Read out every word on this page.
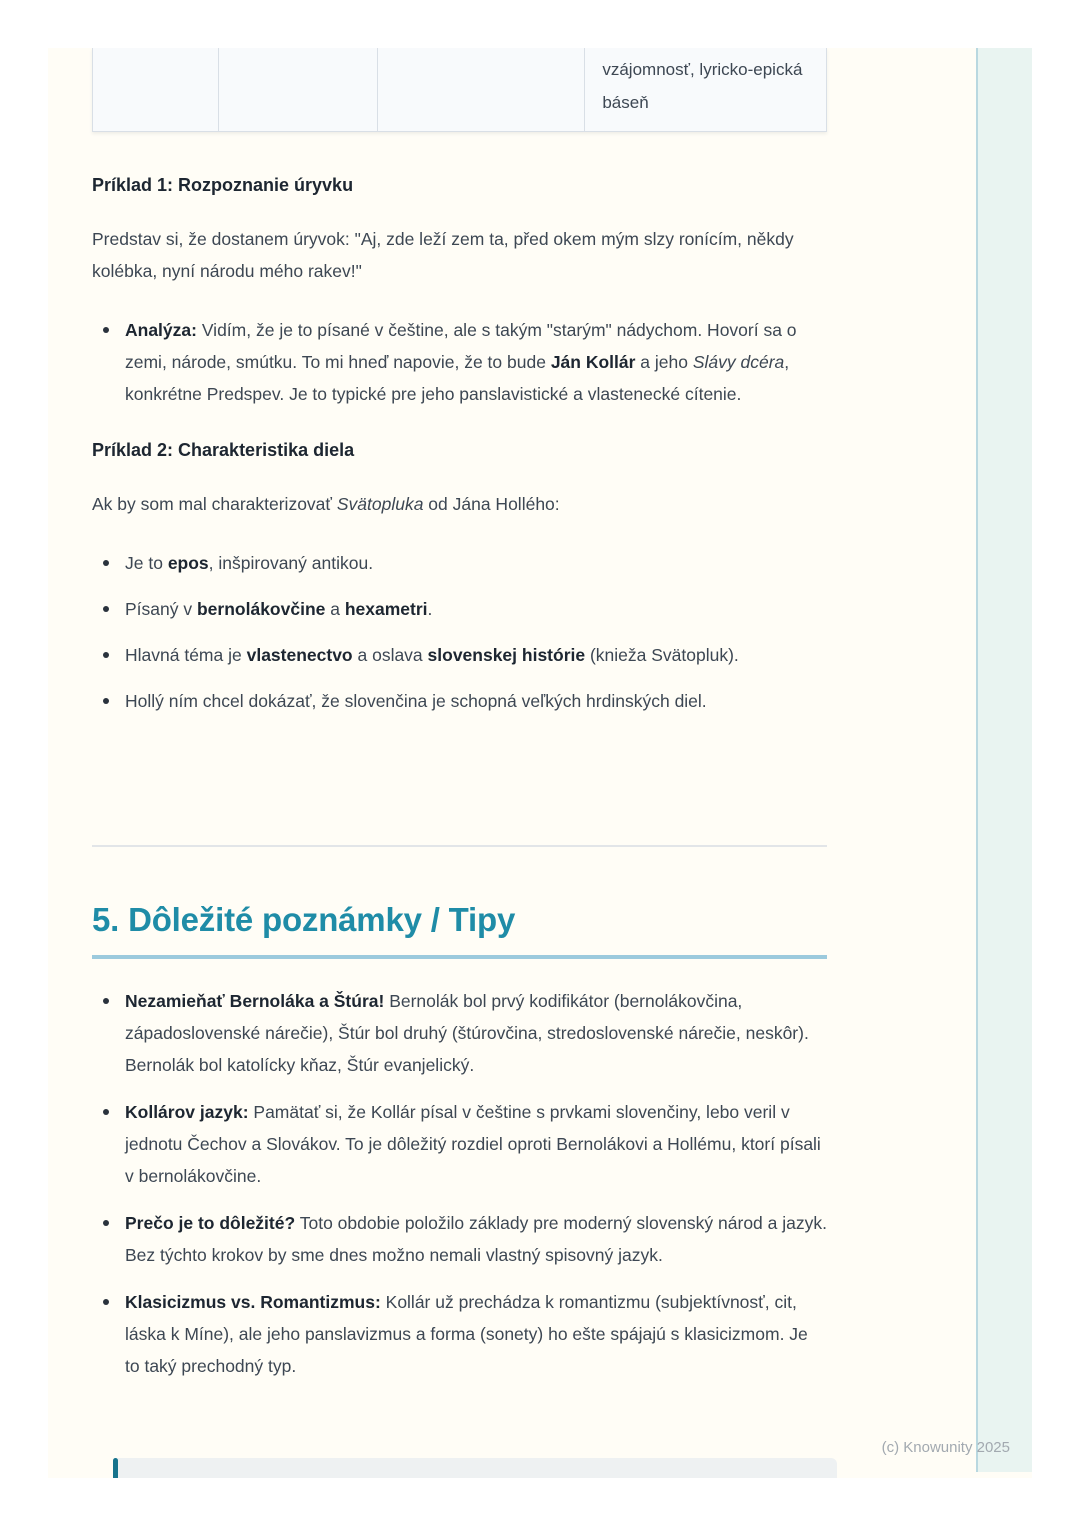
vzájomnosť, lyricko-epická báseň
Príklad 1: Rozpoznanie úryvku

Predstav si, že dostanem úryvok: "Aj, zde leží zem ta, před okem mým slzy ronícím, někdy kolébka, nyní národu mého rakev!"

Analýza: Vidím, že je to písané v češtine, ale s takým "starým" nádychom. Hovorí sa o zemi, národe, smútku. To mi hneď napovie, že to bude Ján Kollár a jeho Slávy dcéra, konkrétne Predspev. Je to typické pre jeho panslavistické a vlastenecké cítenie.
Príklad 2: Charakteristika diela

Ak by som mal charakterizovať Svätopluka od Jána Hollého:

Je to epos, inšpirovaný antikou.
Písaný v bernolákovčine a hexametri.
Hlavná téma je vlastenectvo a oslava slovenskej histórie (knieža Svätopluk).
Hollý ním chcel dokázať, že slovenčina je schopná veľkých hrdinských diel.
5. Dôležité poznámky / Tipy
Nezamieňať Bernoláka a Štúra! Bernolák bol prvý kodifikátor (bernolákovčina, západoslovenské nárečie), Štúr bol druhý (štúrovčina, stredoslovenské nárečie, neskôr). Bernolák bol katolícky kňaz, Štúr evanjelický.
Kollárov jazyk: Pamätať si, že Kollár písal v češtine s prvkami slovenčiny, lebo veril v jednotu Čechov a Slovákov. To je dôležitý rozdiel oproti Bernolákovi a Hollému, ktorí písali v bernolákovčine.
Prečo je to dôležité? Toto obdobie položilo základy pre moderný slovenský národ a jazyk. Bez týchto krokov by sme dnes možno nemali vlastný spisovný jazyk.
Klasicizmus vs. Romantizmus: Kollár už prechádza k romantizmu (subjektívnosť, cit, láska k Míne), ale jeho panslavizmus a forma (sonety) ho ešte spájajú s klasicizmom. Je to taký prechodný typ.
(c) Knowunity 2025
